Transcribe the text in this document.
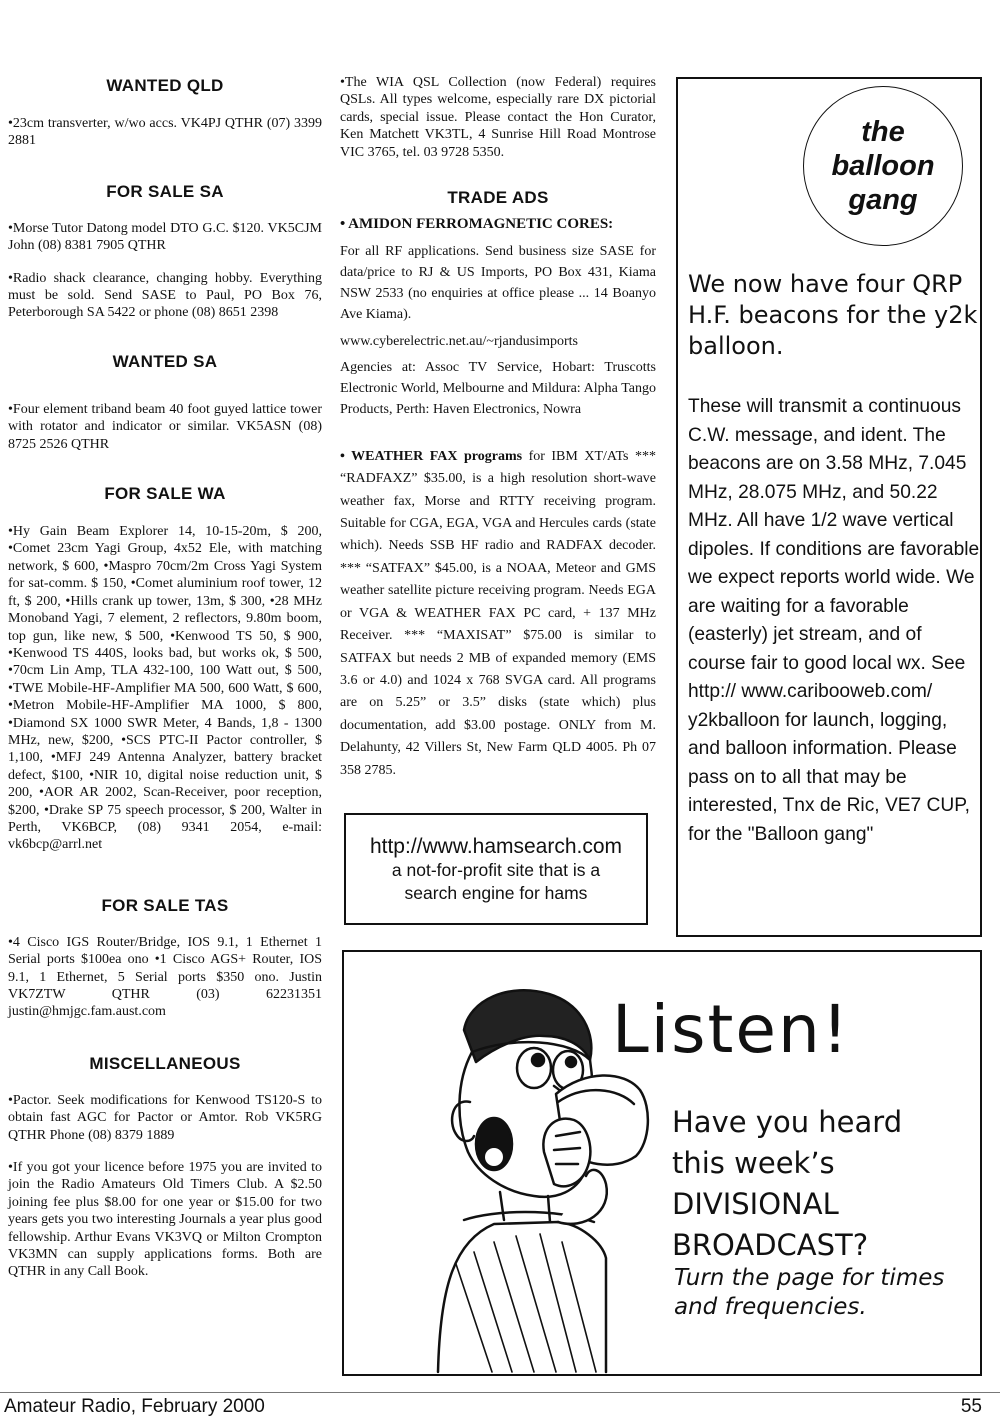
WANTED QLD

•23cm transverter, w/wo accs. VK4PJ QTHR (07) 3399 2881

FOR SALE SA

•Morse Tutor Datong model DTO G.C. $120. VK5CJM John (08) 8381 7905 QTHR

•Radio shack clearance, changing hobby. Everything must be sold. Send SASE to Paul, PO Box 76, Peterborough SA 5422 or phone (08) 8651 2398

WANTED SA

•Four element triband beam 40 foot guyed lattice tower with rotator and indicator or similar. VK5ASN (08) 8725 2526 QTHR

FOR SALE WA

•Hy Gain Beam Explorer 14, 10-15-20m, $ 200, •Comet 23cm Yagi Group, 4x52 Ele, with matching network, $ 600, •Maspro 70cm/2m Cross Yagi System for sat-comm. $ 150, •Comet aluminium roof tower, 12 ft, $ 200, •Hills crank up tower, 13m, $ 300, •28 MHz Monoband Yagi, 7 element, 2 reflectors, 9.80m boom, top gun, like new, $ 500, •Kenwood TS 50, $ 900, •Kenwood TS 440S, looks bad, but works ok, $ 500, •70cm Lin Amp, TLA 432-100, 100 Watt out, $ 500, •TWE Mobile-HF-Amplifier MA 500, 600 Watt, $ 600, •Metron Mobile-HF-Amplifier MA 1000, $ 800, •Diamond SX 1000 SWR Meter, 4 Bands, 1,8 - 1300 MHz, new, $200, •SCS PTC-II Pactor controller, $ 1,100, •MFJ 249 Antenna Analyzer, battery bracket defect, $100, •NIR 10, digital noise reduction unit, $ 200, •AOR AR 2002, Scan-Receiver, poor reception, $200, •Drake SP 75 speech processor, $ 200, Walter in Perth, VK6BCP, (08) 9341 2054, e-mail: vk6bcp@arrl.net

FOR SALE TAS

•4 Cisco IGS Router/Bridge, IOS 9.1, 1 Ethernet 1 Serial ports $100ea ono •1 Cisco AGS+ Router, IOS 9.1, 1 Ethernet, 5 Serial ports $350 ono. Justin VK7ZTW QTHR (03) 62231351 justin@hmjgc.fam.aust.com

MISCELLANEOUS

•Pactor. Seek modifications for Kenwood TS120-S to obtain fast AGC for Pactor or Amtor. Rob VK5RG QTHR Phone (08) 8379 1889

•If you got your licence before 1975 you are invited to join the Radio Amateurs Old Timers Club. A $2.50 joining fee plus $8.00 for one year or $15.00 for two years gets you two interesting Journals a year plus good fellowship. Arthur Evans VK3VQ or Milton Crompton VK3MN can supply applications forms. Both are QTHR in any Call Book.

•The WIA QSL Collection (now Federal) requires QSLs. All types welcome, especially rare DX pictorial cards, special issue. Please contact the Hon Curator, Ken Matchett VK3TL, 4 Sunrise Hill Road Montrose VIC 3765, tel. 03 9728 5350.

TRADE ADS

• AMIDON FERROMAGNETIC CORES:

For all RF applications. Send business size SASE for data/price to RJ & US Imports, PO Box 431, Kiama NSW 2533 (no enquiries at office please ... 14 Boanyo Ave Kiama).

www.cyberelectric.net.au/~rjandusimports

Agencies at: Assoc TV Service, Hobart: Truscotts Electronic World, Melbourne and Mildura: Alpha Tango Products, Perth: Haven Electronics, Nowra

• WEATHER FAX programs for IBM XT/ATs *** “RADFAXZ” $35.00, is a high resolution short-wave weather fax, Morse and RTTY receiving program. Suitable for CGA, EGA, VGA and Hercules cards (state which). Needs SSB HF radio and RADFAX decoder. *** “SATFAX” $45.00, is a NOAA, Meteor and GMS weather satellite picture receiving program. Needs EGA or VGA & WEATHER FAX PC card, + 137 MHz Receiver. *** “MAXISAT” $75.00 is similar to SATFAX but needs 2 MB of expanded memory (EMS 3.6 or 4.0) and 1024 x 768 SVGA card. All programs are on 5.25” or 3.5” disks (state which) plus documentation, add $3.00 postage. ONLY from M. Delahunty, 42 Villers St, New Farm QLD 4005. Ph 07 358 2785.

http://www.hamsearch.com
a not-for-profit site that is a
search engine for hams
the
balloon
gang

We now have four QRP H.F. beacons for the y2k balloon.

These will transmit a continuous C.W. message, and ident. The beacons are on 3.58 MHz, 7.045 MHz, 28.075 MHz, and 50.22 MHz. All have 1/2 wave vertical dipoles. If conditions are favorable we expect reports world wide. We are waiting for a favorable (easterly) jet stream, and of course fair to good local wx. See http:// www.cariboоweb.com/ y2kballoon for launch, logging, and balloon information. Please pass on to all that may be interested, Tnx de Ric, VE7 CUP, for the "Balloon gang"

Listen!

Have you heard
this week’s
DIVISIONAL
BROADCAST?
Turn the page for times
and frequencies.

Amateur Radio, February 2000	55
